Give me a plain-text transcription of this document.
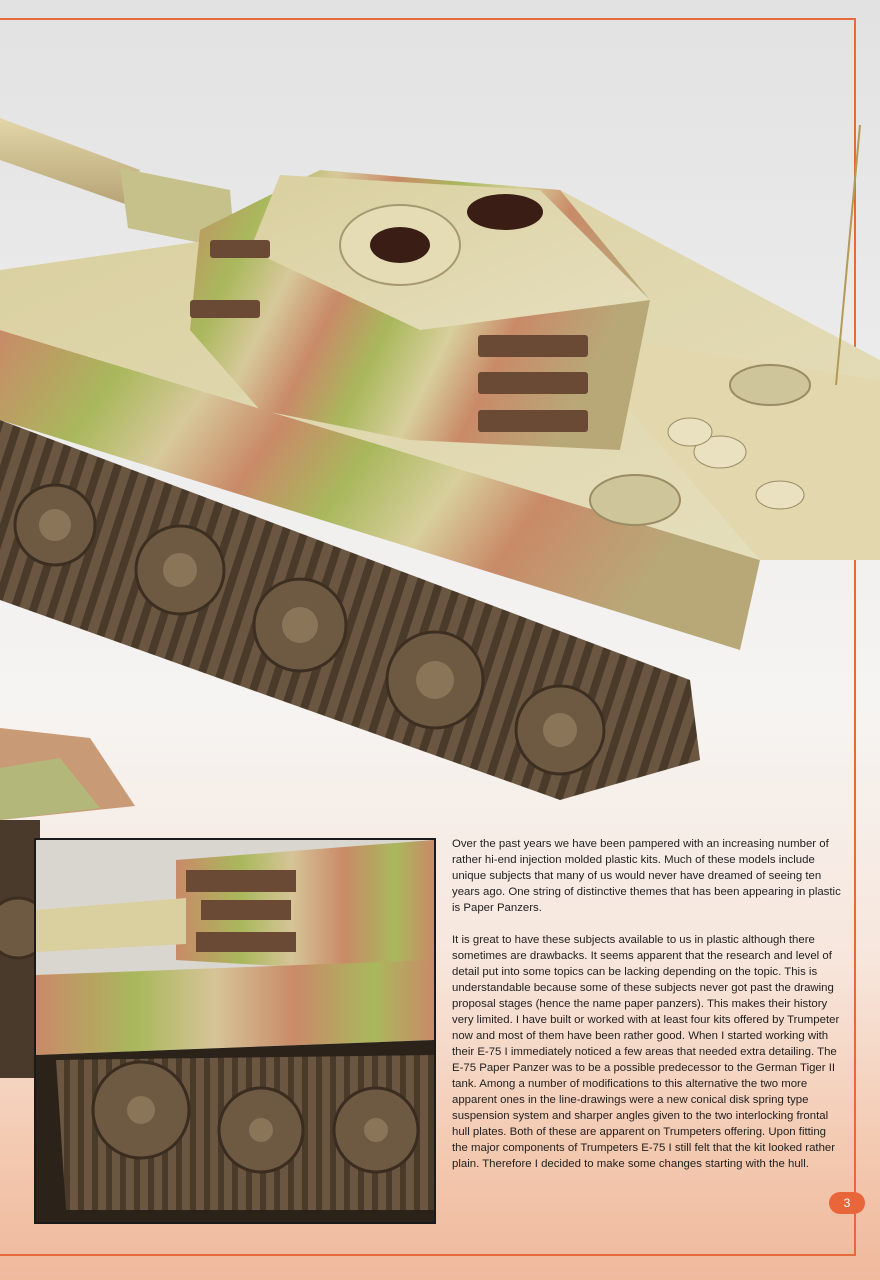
Over the past years we have been pampered with an increasing number of rather hi-end injection molded plastic kits. Much of these models include unique subjects that many of us would never have dreamed of seeing ten years ago. One string of distinctive themes that has been appearing in plastic is Paper Panzers.

It is great to have these subjects available to us in plastic although there sometimes are drawbacks. It seems apparent that the research and level of detail put into some topics can be lacking depending on the topic. This is understandable because some of these subjects never got past the drawing proposal stages (hence the name paper panzers). This makes their history very limited. I have built or worked with at least four kits offered by Trumpeter now and most of them have been rather good. When I started working with their E-75 I immediately noticed a few areas that needed extra detailing. The E-75 Paper Panzer was to be a possible predecessor to the German Tiger II tank. Among a number of modifications to this alternative the two more apparent ones in the line-drawings were a new conical disk spring type suspension system and sharper angles given to the two interlocking frontal hull plates. Both of these are apparent on Trumpeters offering. Upon fitting the major components of Trumpeters E-75 I still felt that the kit looked rather plain. Therefore I decided to make some changes starting with the hull.

3
